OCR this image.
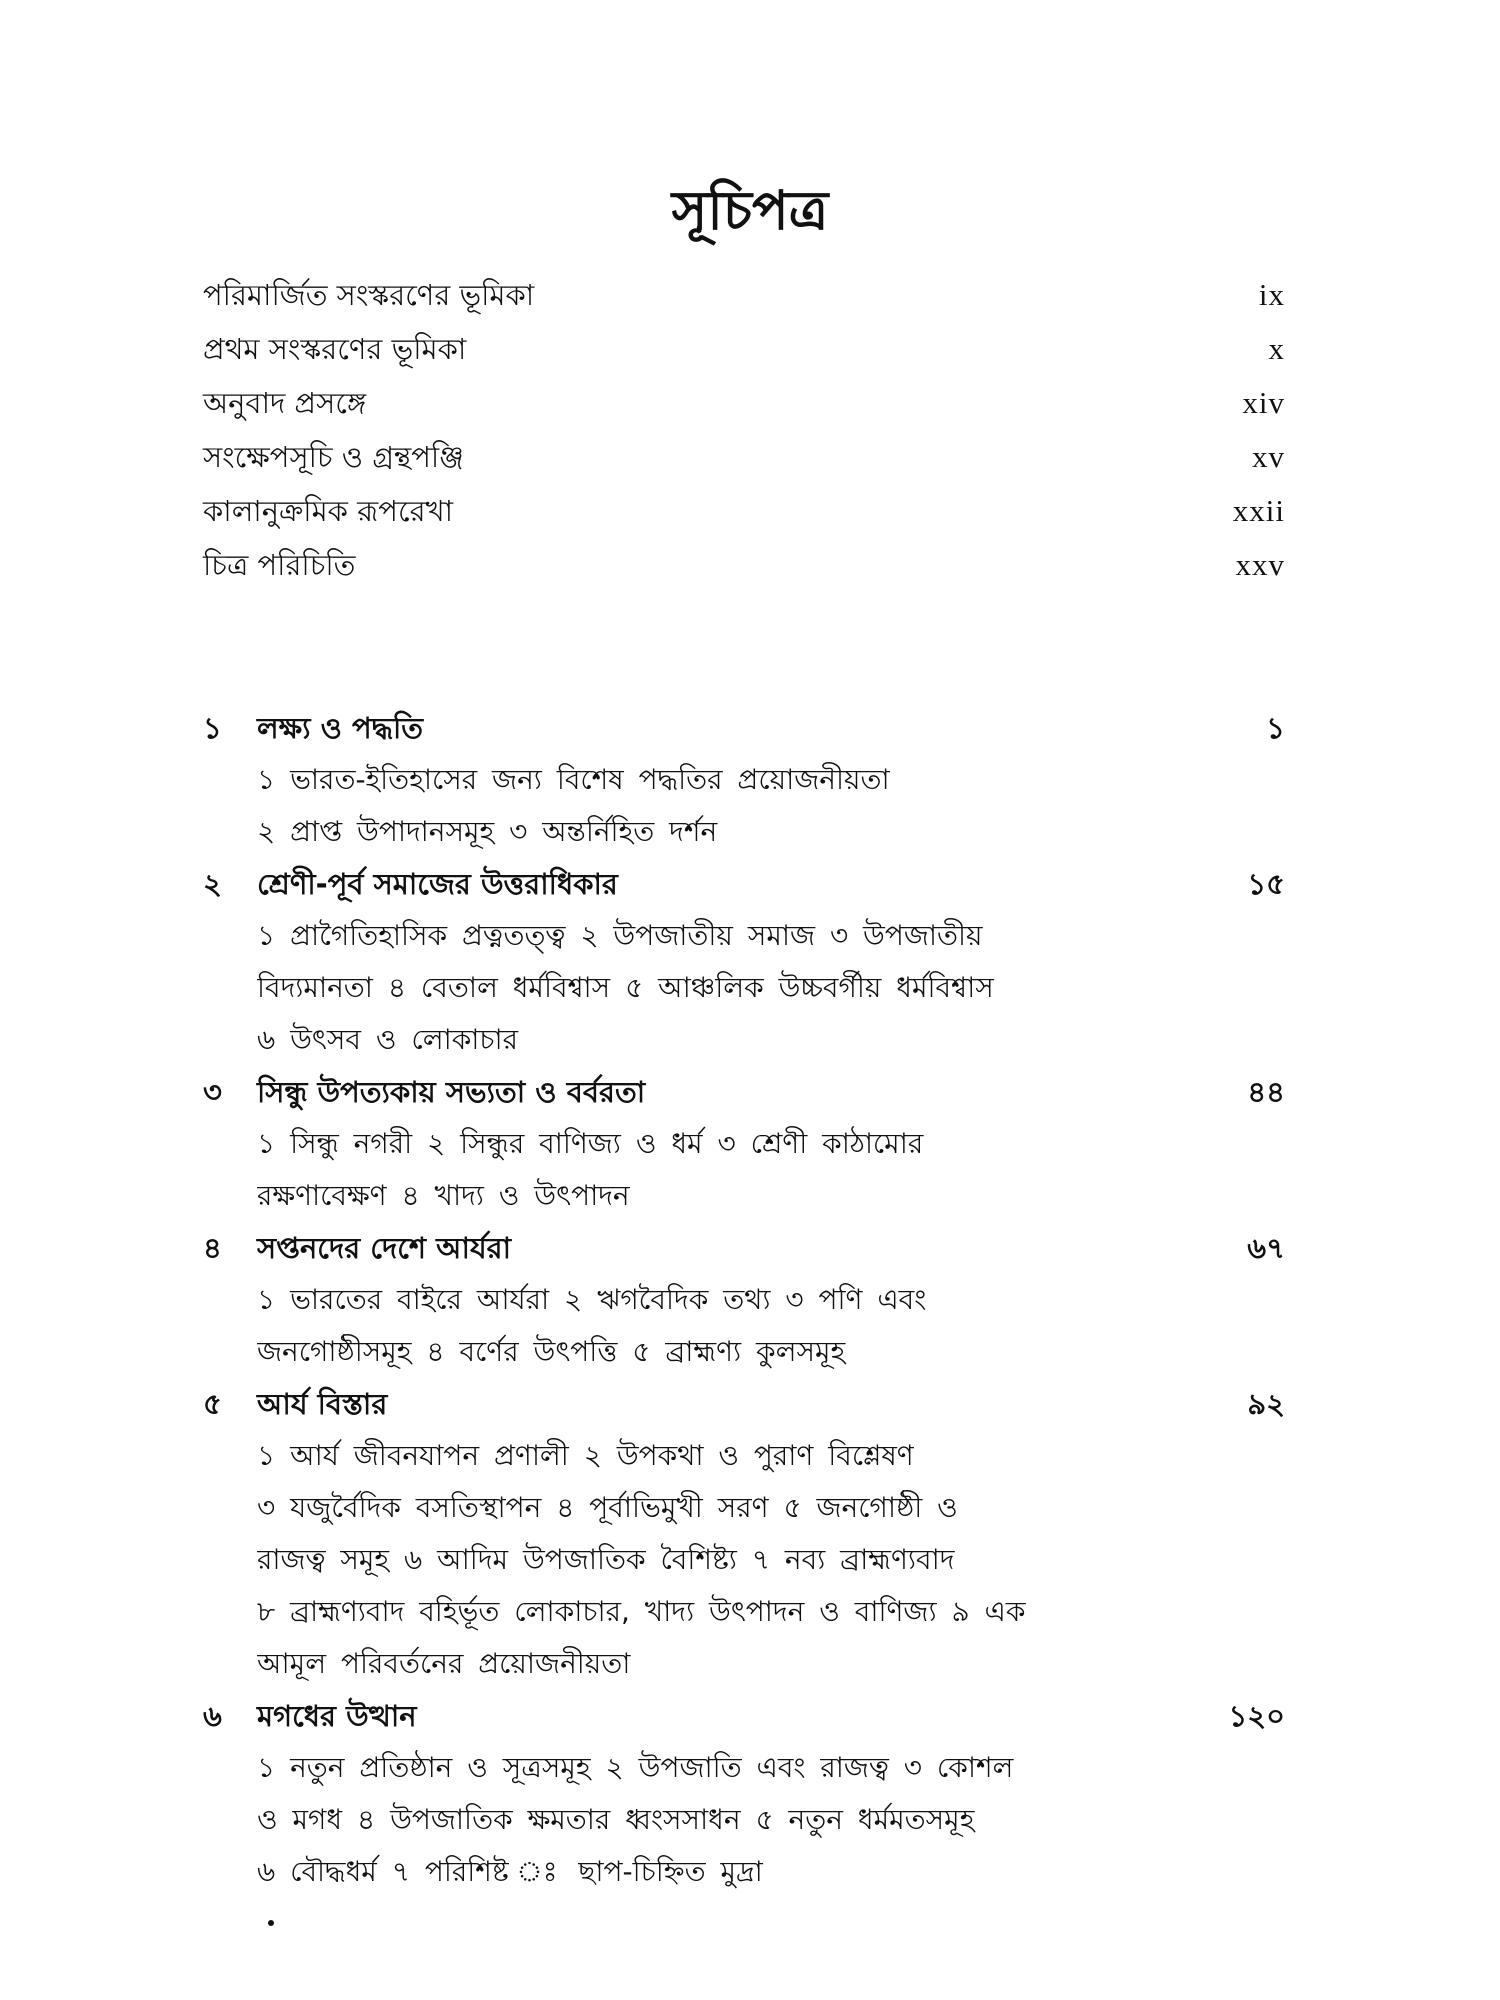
সূচিপত্র
পরিমার্জিত সংস্করণের ভূমিকা	ix
প্রথম সংস্করণের ভূমিকা	x
অনুবাদ প্রসঙ্গে	xiv
সংক্ষেপসূচি ও গ্রন্থপঞ্জি	xv
কালানুক্রমিক রূপরেখা	xxii
চিত্র পরিচিতি	xxv
১ লক্ষ্য ও পদ্ধতি	১
১ ভারত-ইতিহাসের জন্য বিশেষ পদ্ধতির প্রয়োজনীয়তা
২ প্রাপ্ত উপাদানসমূহ ৩ অন্তর্নিহিত দর্শন
২ শ্রেণী-পূর্ব সমাজের উত্তরাধিকার	১৫
১ প্রাগৈতিহাসিক প্রত্নতত্ত্ব ২ উপজাতীয় সমাজ ৩ উপজাতীয়
বিদ্যমানতা ৪ বেতাল ধর্মবিশ্বাস ৫ আঞ্চলিক উচ্চবর্গীয় ধর্মবিশ্বাস
৬ উৎসব ও লোকাচার
৩ সিন্ধু উপত্যকায় সভ্যতা ও বর্বরতা	৪৪
১ সিন্ধু নগরী ২ সিন্ধুর বাণিজ্য ও ধর্ম ৩ শ্রেণী কাঠামোর
রক্ষণাবেক্ষণ ৪ খাদ্য ও উৎপাদন
৪ সপ্তনদের দেশে আর্যরা	৬৭
১ ভারতের বাইরে আর্যরা ২ ঋগবৈদিক তথ্য ৩ পণি এবং
জনগোষ্ঠীসমূহ ৪ বর্ণের উৎপত্তি ৫ ব্রাহ্মণ্য কুলসমূহ
৫ আর্য বিস্তার	৯২
১ আর্য জীবনযাপন প্রণালী ২ উপকথা ও পুরাণ বিশ্লেষণ
৩ যজুর্বৈদিক বসতিস্থাপন ৪ পূর্বাভিমুখী সরণ ৫ জনগোষ্ঠী ও
রাজত্ব সমূহ ৬ আদিম উপজাতিক বৈশিষ্ট্য ৭ নব্য ব্রাহ্মণ্যবাদ
৮ ব্রাহ্মণ্যবাদ বহির্ভূত লোকাচার, খাদ্য উৎপাদন ও বাণিজ্য ৯ এক
আমূল পরিবর্তনের প্রয়োজনীয়তা
৬ মগধের উত্থান	১২০
১ নতুন প্রতিষ্ঠান ও সূত্রসমূহ ২ উপজাতি এবং রাজত্ব ৩ কোশল
ও মগধ ৪ উপজাতিক ক্ষমতার ধ্বংসসাধন ৫ নতুন ধর্মমতসমূহ
৬ বৌদ্ধধর্ম ৭ পরিশিষ্ট ঃ ছাপ-চিহ্নিত মুদ্রা
